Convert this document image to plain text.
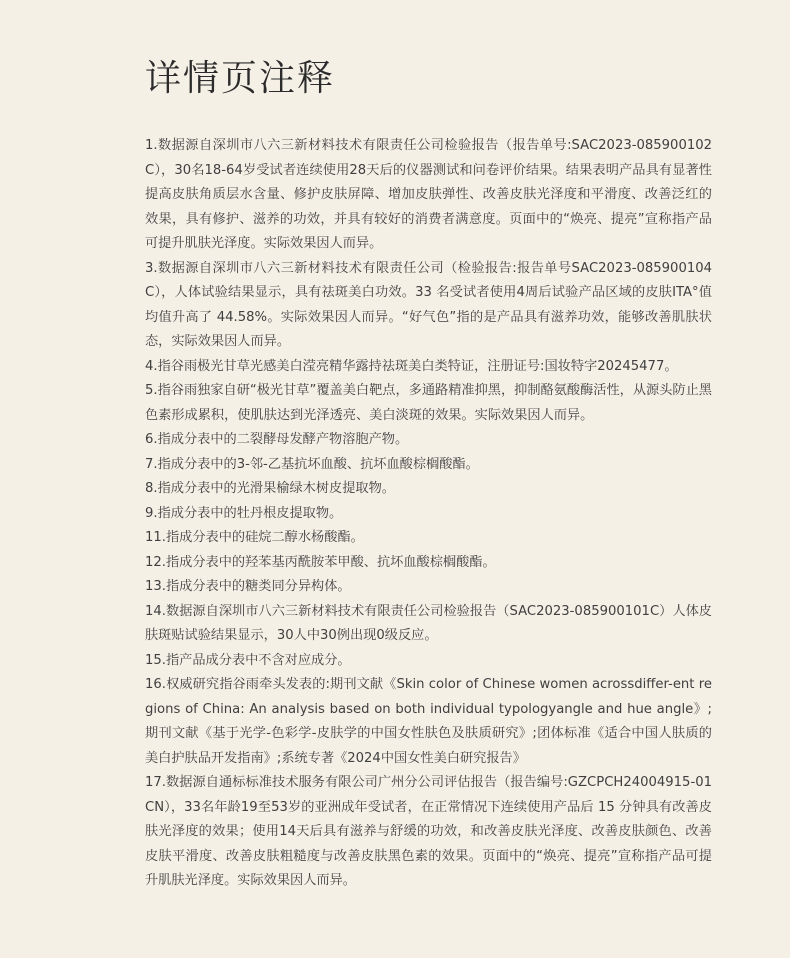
详情页注释

1.数据源自深圳市八六三新材料技术有限责任公司检验报告（报告单号:SAC2023-085900102C），30名18-64岁受试者连续使用28天后的仪器测试和问卷评价结果。结果表明产品具有显著性提高皮肤角质层水含量、修护皮肤屏障、增加皮肤弹性、改善皮肤光泽度和平滑度、改善泛红的效果，具有修护、滋养的功效，并具有较好的消费者满意度。页面中的“焕亮、提亮”宣称指产品可提升肌肤光泽度。实际效果因人而异。

3.数据源自深圳市八六三新材料技术有限责任公司（检验报告:报告单号SAC2023-085900104C），人体试验结果显示，具有祛斑美白功效。33 名受试者使用4周后试验产品区域的皮肤ITA°值均值升高了 44.58%。实际效果因人而异。“好气色”指的是产品具有滋养功效，能够改善肌肤状态，实际效果因人而异。

4.指谷雨极光甘草光感美白滢亮精华露持祛斑美白类特证，注册证号:国妆特字20245477。

5.指谷雨独家自研“极光甘草”覆盖美白靶点，多通路精准抑黑，抑制酪氨酸酶活性，从源头防止黑色素形成累积，使肌肤达到光泽透亮、美白淡斑的效果。实际效果因人而异。

6.指成分表中的二裂酵母发酵产物溶胞产物。

7.指成分表中的3-邻-乙基抗坏血酸、抗坏血酸棕榈酸酯。

8.指成分表中的光滑果榆绿木树皮提取物。

9.指成分表中的牡丹根皮提取物。

11.指成分表中的硅烷二醇水杨酸酯。

12.指成分表中的羟苯基丙酰胺苯甲酸、抗坏血酸棕榈酸酯。

13.指成分表中的糖类同分异构体。

14.数据源自深圳市八六三新材料技术有限责任公司检验报告（SAC2023-085900101C）人体皮肤斑贴试验结果显示，30人中30例出现0级反应。

15.指产品成分表中不含对应成分。

16.权威研究指谷雨牵头发表的:期刊文献《Skin color of Chinese women acrossdiffer-ent regions of China: An analysis based on both individual typologyangle and hue angle》;期刊文献《基于光学-色彩学-皮肤学的中国女性肤色及肤质研究》;团体标准《适合中国人肤质的美白护肤品开发指南》;系统专著《2024中国女性美白研究报告》

17.数据源自通标标准技术服务有限公司广州分公司评估报告（报告编号:GZCPCH24004915-01CN），33名年龄19至53岁的亚洲成年受试者，在正常情况下连续使用产品后 15 分钟具有改善皮肤光泽度的效果；使用14天后具有滋养与舒缓的功效，和改善皮肤光泽度、改善皮肤颜色、改善皮肤平滑度、改善皮肤粗糙度与改善皮肤黑色素的效果。页面中的“焕亮、提亮”宣称指产品可提升肌肤光泽度。实际效果因人而异。
